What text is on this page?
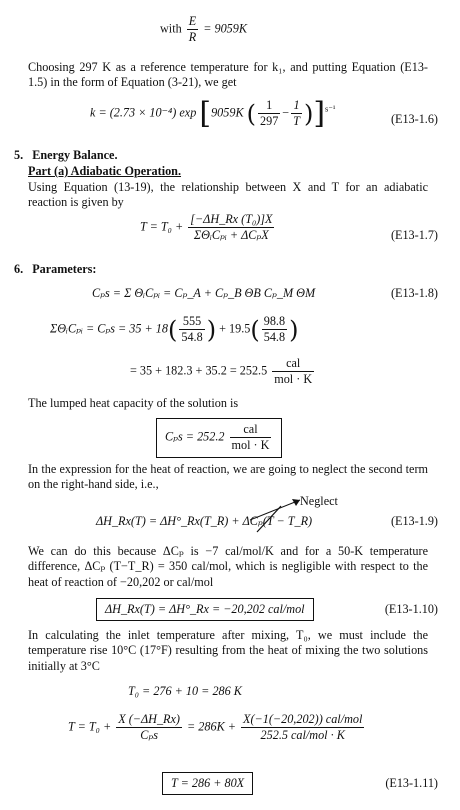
with $\frac{E}{R} = 9059K$

Choosing 297 K as a reference temperature for k₁, and putting Equation (E13-1.5) in the form of Equation (3-21), we get

k = (2.73 × 10⁻⁴) exp [9059K ( $\frac{1}{297} - \frac{1}{T} )]^{s^{-1}}$
(E13-1.6)
5. Energy Balance.
Part (a) Adiabatic Operation.

Using Equation (13-19), the relationship between X and T for an adiabatic reaction is given by

$T = T_0 + \frac{\text{[−ΔH\_Rx (T₀)]X}}{\text{ΣΘᵢCₚᵢ + ΔCₚX}}$	(E13-1.7)
6. Parameters:
Cₚs = Σ ΘᵢCₚᵢ = Cₚ_A + Cₚ_B ΘB Cₚ_M ΘM	(E13-1.8)
ΣΘᵢCₚᵢ = $C_ps = 35 + 18( \frac{555}{54.8}$ ) + $19.5( \frac{98.8}{54.8}$ )
= $35 + 182.3 + 35.2 = 252.5 \frac{\text{cal}}{\text{mol · K}}$

The lumped heat capacity of the solution is

$C_ps = 252.2 \frac{\text{cal}}{\text{mol · K}}$

In the expression for the heat of reaction, we are going to neglect the second term on the right-hand side, i.e.,

Neglect
ΔH_Rx(T) = ΔH°_Rx(T_R) + ΔCₚ(T − T_R)	(E13-1.9)

We can do this because ΔCₚ is −7 cal/mol/K and for a 50-K temperature difference, ΔCₚ (T−T_R) = 350 cal/mol, which is negligible with respect to the heat of reaction of −20,202 or cal/mol

ΔH_Rx(T) = ΔH°_Rx = −20,202 cal/mol	(E13-1.10)

In calculating the inlet temperature after mixing, T₀, we must include the temperature rise 10°C (17°F) resulting from the heat of mixing the two solutions initially at 3°C

T₀ = 276 + 10 = 286 K
$T = T_0 + \frac{X (-\Delta H\_Rx)}{\text{Cₚs}} = 286K + \frac{\text{X(−1(−20,202)) cal/mol}}{\text{252.5 cal/mol · K}}$
T = 286 + 80X	(E13-1.11)
